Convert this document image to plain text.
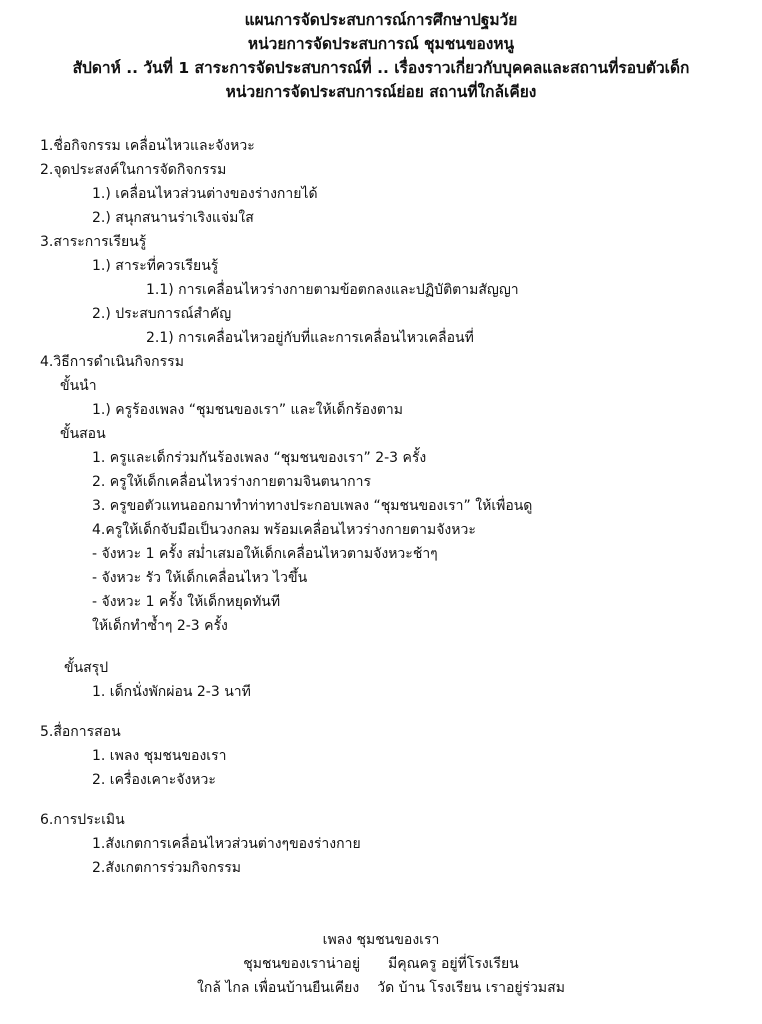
แผนการจัดประสบการณ์การศึกษาปฐมวัย
หน่วยการจัดประสบการณ์ ชุมชนของหนู
สัปดาห์ .. วันที่ 1 สาระการจัดประสบการณ์ที่ .. เรื่องราวเกี่ยวกับบุคคลและสถานที่รอบตัวเด็ก
หน่วยการจัดประสบการณ์ย่อย สถานที่ใกล้เคียง
1.ชื่อกิจกรรม เคลื่อนไหวและจังหวะ
2.จุดประสงค์ในการจัดกิจกรรม
1.) เคลื่อนไหวส่วนต่างของร่างกายได้
2.) สนุกสนานร่าเริงแจ่มใส
3.สาระการเรียนรู้
1.) สาระที่ควรเรียนรู้
1.1) การเคลื่อนไหวร่างกายตามข้อตกลงและปฏิบัติตามสัญญา
2.) ประสบการณ์สำคัญ
2.1) การเคลื่อนไหวอยู่กับที่และการเคลื่อนไหวเคลื่อนที่
4.วิธีการดำเนินกิจกรรม
ขั้นนำ
1.) ครูร้องเพลง “ชุมชนของเรา” และให้เด็กร้องตาม
ขั้นสอน
1. ครูและเด็กร่วมกันร้องเพลง “ชุมชนของเรา” 2-3 ครั้ง
2. ครูให้เด็กเคลื่อนไหวร่างกายตามจินตนาการ
3. ครูขอตัวแทนออกมาทำท่าทางประกอบเพลง “ชุมชนของเรา” ให้เพื่อนดู
4.ครูให้เด็กจับมือเป็นวงกลม พร้อมเคลื่อนไหวร่างกายตามจังหวะ
- จังหวะ 1 ครั้ง สม่ำเสมอให้เด็กเคลื่อนไหวตามจังหวะช้าๆ
- จังหวะ รัว ให้เด็กเคลื่อนไหว ไวขึ้น
- จังหวะ 1 ครั้ง ให้เด็กหยุดทันที
ให้เด็กทำซ้ำๆ 2-3 ครั้ง
ขั้นสรุป
1. เด็กนั่งพักผ่อน 2-3 นาที
5.สื่อการสอน
1. เพลง ชุมชนของเรา
2. เครื่องเคาะจังหวะ
6.การประเมิน
1.สังเกตการเคลื่อนไหวส่วนต่างๆของร่างกาย
2.สังเกตการร่วมกิจกรรม
เพลง ชุมชนของเรา
ชุมชนของเราน่าอยู่ มีคุณครู อยู่ที่โรงเรียน
ใกล้ ไกล เพื่อนบ้านยืนเคียง วัด บ้าน โรงเรียน เราอยู่ร่วมสม
